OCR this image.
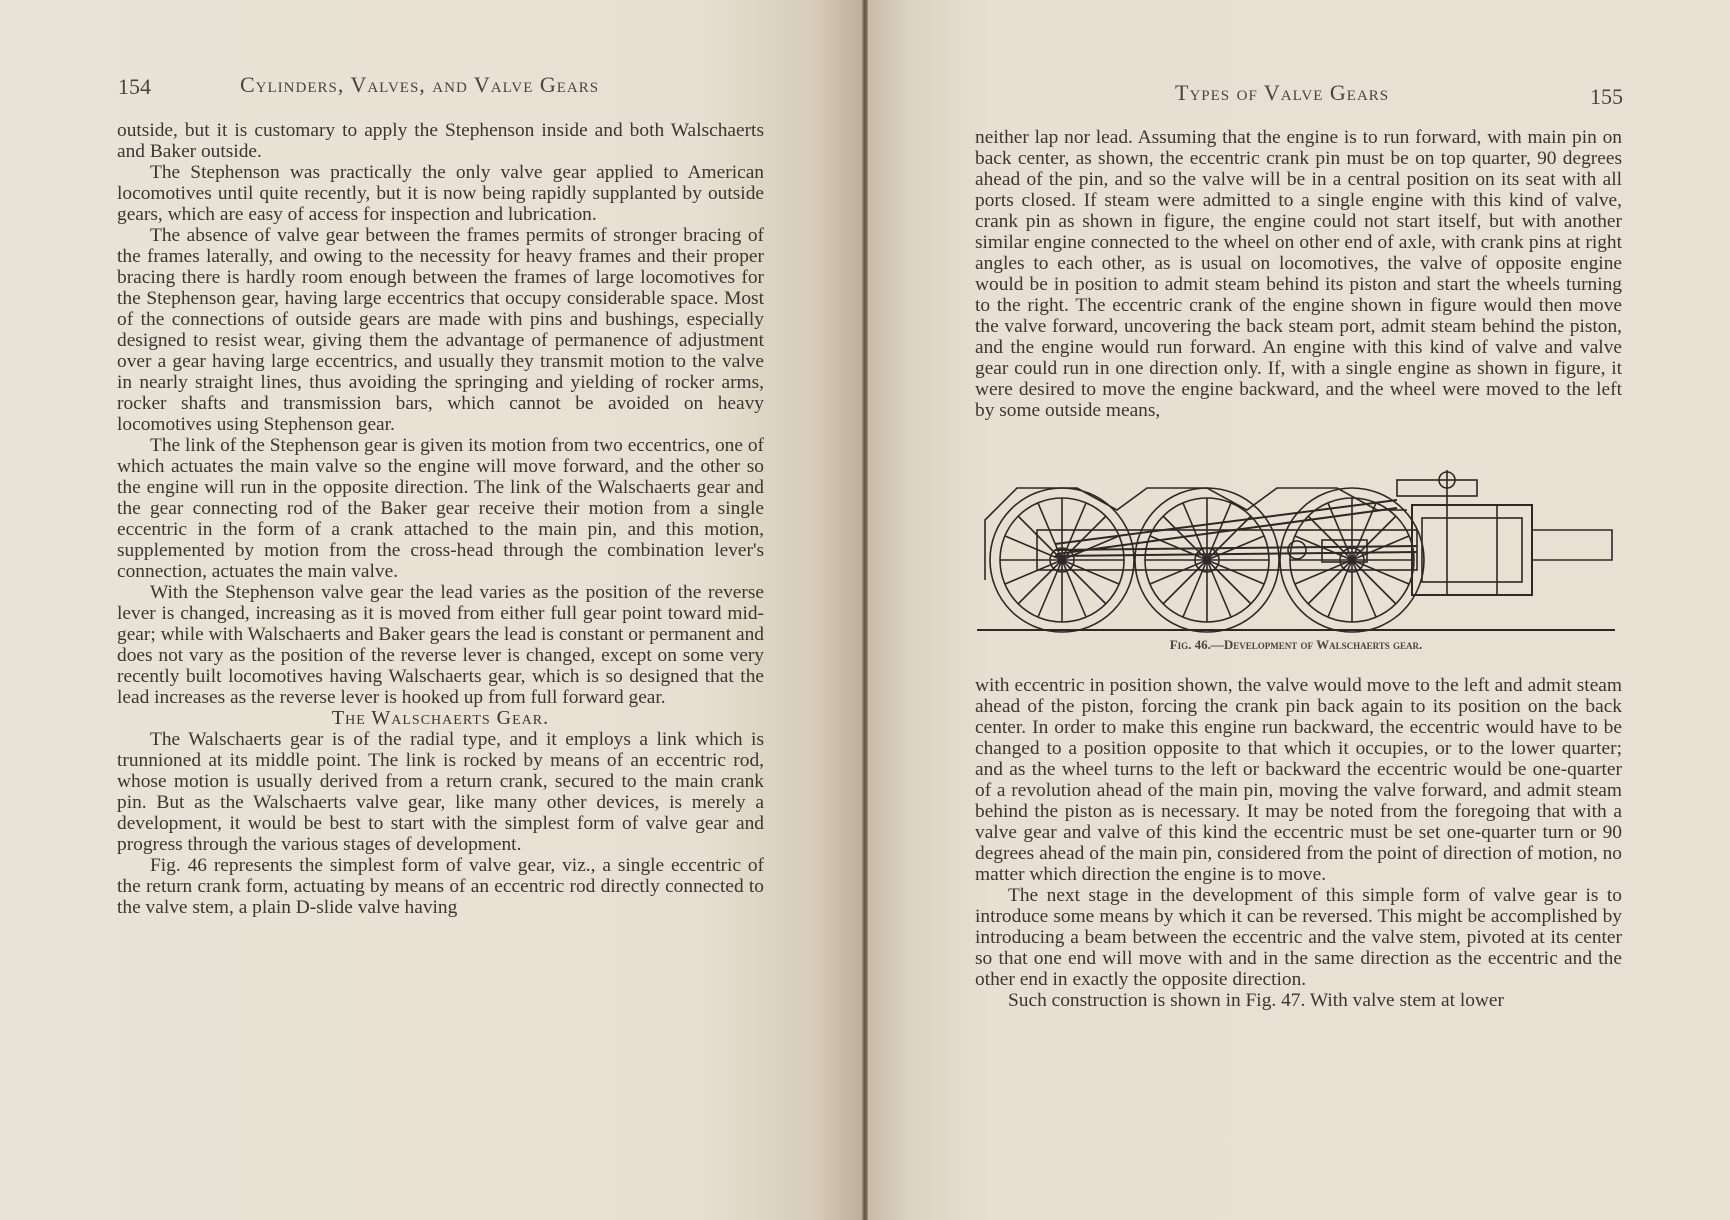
154	Cylinders, Valves, and Valve Gears

outside, but it is customary to apply the Stephenson inside and both Walschaerts and Baker outside.

The Stephenson was practically the only valve gear applied to American locomotives until quite recently, but it is now being rapidly supplanted by outside gears, which are easy of access for inspection and lubrication.

The absence of valve gear between the frames permits of stronger bracing of the frames laterally, and owing to the necessity for heavy frames and their proper bracing there is hardly room enough between the frames of large locomotives for the Stephenson gear, having large eccentrics that occupy considerable space. Most of the connections of outside gears are made with pins and bushings, especially designed to resist wear, giving them the advantage of permanence of adjustment over a gear having large eccentrics, and usually they transmit motion to the valve in nearly straight lines, thus avoiding the springing and yielding of rocker arms, rocker shafts and transmission bars, which cannot be avoided on heavy locomotives using Stephenson gear.

The link of the Stephenson gear is given its motion from two eccentrics, one of which actuates the main valve so the engine will move forward, and the other so the engine will run in the opposite direction. The link of the Walschaerts gear and the gear connecting rod of the Baker gear receive their motion from a single eccentric in the form of a crank attached to the main pin, and this motion, supplemented by motion from the cross-head through the combination lever's connection, actuates the main valve.

With the Stephenson valve gear the lead varies as the position of the reverse lever is changed, increasing as it is moved from either full gear point toward mid-gear; while with Walschaerts and Baker gears the lead is constant or permanent and does not vary as the position of the reverse lever is changed, except on some very recently built locomotives having Walschaerts gear, which is so designed that the lead increases as the reverse lever is hooked up from full forward gear.

The Walschaerts Gear.

The Walschaerts gear is of the radial type, and it employs a link which is trunnioned at its middle point. The link is rocked by means of an eccentric rod, whose motion is usually derived from a return crank, secured to the main crank pin. But as the Walschaerts valve gear, like many other devices, is merely a development, it would be best to start with the simplest form of valve gear and progress through the various stages of development.

Fig. 46 represents the simplest form of valve gear, viz., a single eccentric of the return crank form, actuating by means of an eccentric rod directly connected to the valve stem, a plain D-slide valve having

Types of Valve Gears	155

neither lap nor lead. Assuming that the engine is to run forward, with main pin on back center, as shown, the eccentric crank pin must be on top quarter, 90 degrees ahead of the pin, and so the valve will be in a central position on its seat with all ports closed. If steam were admitted to a single engine with this kind of valve, crank pin as shown in figure, the engine could not start itself, but with another similar engine connected to the wheel on other end of axle, with crank pins at right angles to each other, as is usual on locomotives, the valve of opposite engine would be in position to admit steam behind its piston and start the wheels turning to the right. The eccentric crank of the engine shown in figure would then move the valve forward, uncovering the back steam port, admit steam behind the piston, and the engine would run forward. An engine with this kind of valve and valve gear could run in one direction only. If, with a single engine as shown in figure, it were desired to move the engine backward, and the wheel were moved to the left by some outside means,

Fig. 46.—Development of Walschaerts gear.

with eccentric in position shown, the valve would move to the left and admit steam ahead of the piston, forcing the crank pin back again to its position on the back center. In order to make this engine run backward, the eccentric would have to be changed to a position opposite to that which it occupies, or to the lower quarter; and as the wheel turns to the left or backward the eccentric would be one-quarter of a revolution ahead of the main pin, moving the valve forward, and admit steam behind the piston as is necessary. It may be noted from the foregoing that with a valve gear and valve of this kind the eccentric must be set one-quarter turn or 90 degrees ahead of the main pin, considered from the point of direction of motion, no matter which direction the engine is to move.

The next stage in the development of this simple form of valve gear is to introduce some means by which it can be reversed. This might be accomplished by introducing a beam between the eccentric and the valve stem, pivoted at its center so that one end will move with and in the same direction as the eccentric and the other end in exactly the opposite direction.

Such construction is shown in Fig. 47. With valve stem at lower
